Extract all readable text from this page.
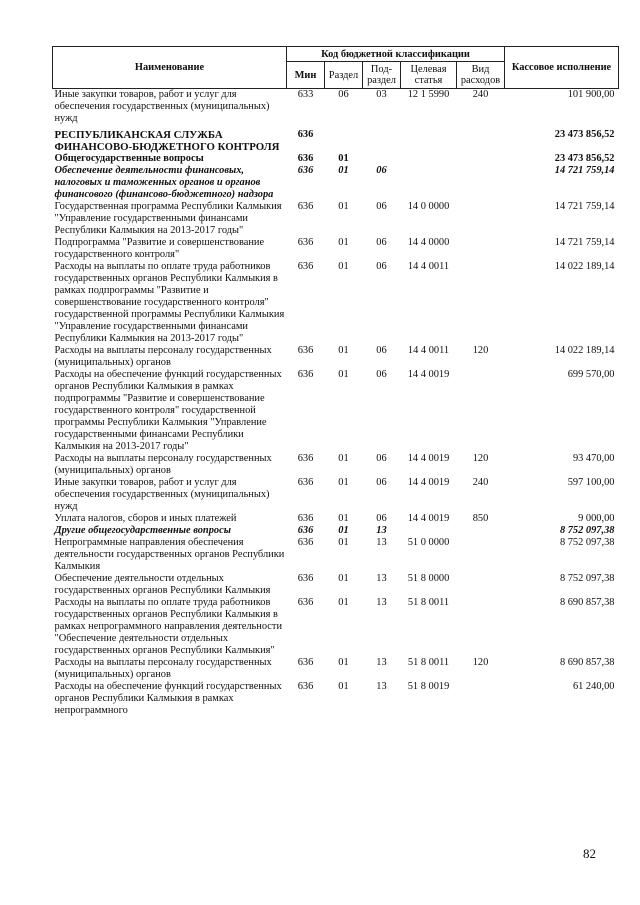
Наименование	Код бюджетной классификации					Кассовое исполнение
	Мин	Раздел	Под-раздел	Целевая статья	Вид расходов	
Иные закупки товаров, работ и услуг для обеспечения государственных (муниципальных) нужд	633	06	03	12 1 5990	240	101 900,00
РЕСПУБЛИКАНСКАЯ СЛУЖБА ФИНАНСОВО-БЮДЖЕТНОГО КОНТРОЛЯ	636					23 473 856,52
Общегосударственные вопросы	636	01				23 473 856,52
Обеспечение деятельности финансовых, налоговых и таможенных органов и органов финансового (финансово-бюджетного) надзора	636	01	06			14 721 759,14
Государственная программа Республики Калмыкия "Управление государственными финансами Республики Калмыкия на 2013-2017 годы"	636	01	06	14 0 0000		14 721 759,14
Подпрограмма "Развитие и совершенствование государственного контроля"	636	01	06	14 4 0000		14 721 759,14
Расходы на выплаты по оплате труда работников государственных органов Республики Калмыкия в рамках подпрограммы "Развитие и совершенствование государственного контроля" государственной программы Республики Калмыкия "Управление государственными финансами Республики Калмыкия на 2013-2017 годы"	636	01	06	14 4 0011		14 022 189,14
Расходы на выплаты персоналу государственных (муниципальных) органов	636	01	06	14 4 0011	120	14 022 189,14
Расходы на обеспечение функций государственных органов Республики Калмыкия в рамках подпрограммы "Развитие и совершенствование государственного контроля" государственной программы Республики Калмыкия "Управление государственными финансами Республики Калмыкия на 2013-2017 годы"	636	01	06	14 4 0019		699 570,00
Расходы на выплаты персоналу государственных (муниципальных) органов	636	01	06	14 4 0019	120	93 470,00
Иные закупки товаров, работ и услуг для обеспечения государственных (муниципальных) нужд	636	01	06	14 4 0019	240	597 100,00
Уплата налогов, сборов и иных платежей	636	01	06	14 4 0019	850	9 000,00
Другие общегосударственные вопросы	636	01	13			8 752 097,38
Непрограммные направления обеспечения деятельности государственных органов Республики Калмыкия	636	01	13	51 0 0000		8 752 097,38
Обеспечение деятельности отдельных государственных органов Республики Калмыкия	636	01	13	51 8 0000		8 752 097,38
Расходы на выплаты по оплате труда работников государственных органов Республики Калмыкия в рамках непрограммного направления деятельности "Обеспечение деятельности отдельных государственных органов Республики Калмыкия"	636	01	13	51 8 0011		8 690 857,38
Расходы на выплаты персоналу государственных (муниципальных) органов	636	01	13	51 8 0011	120	8 690 857,38
Расходы на обеспечение функций государственных органов Республики Калмыкия в рамках непрограммного	636	01	13	51 8 0019		61 240,00
82
